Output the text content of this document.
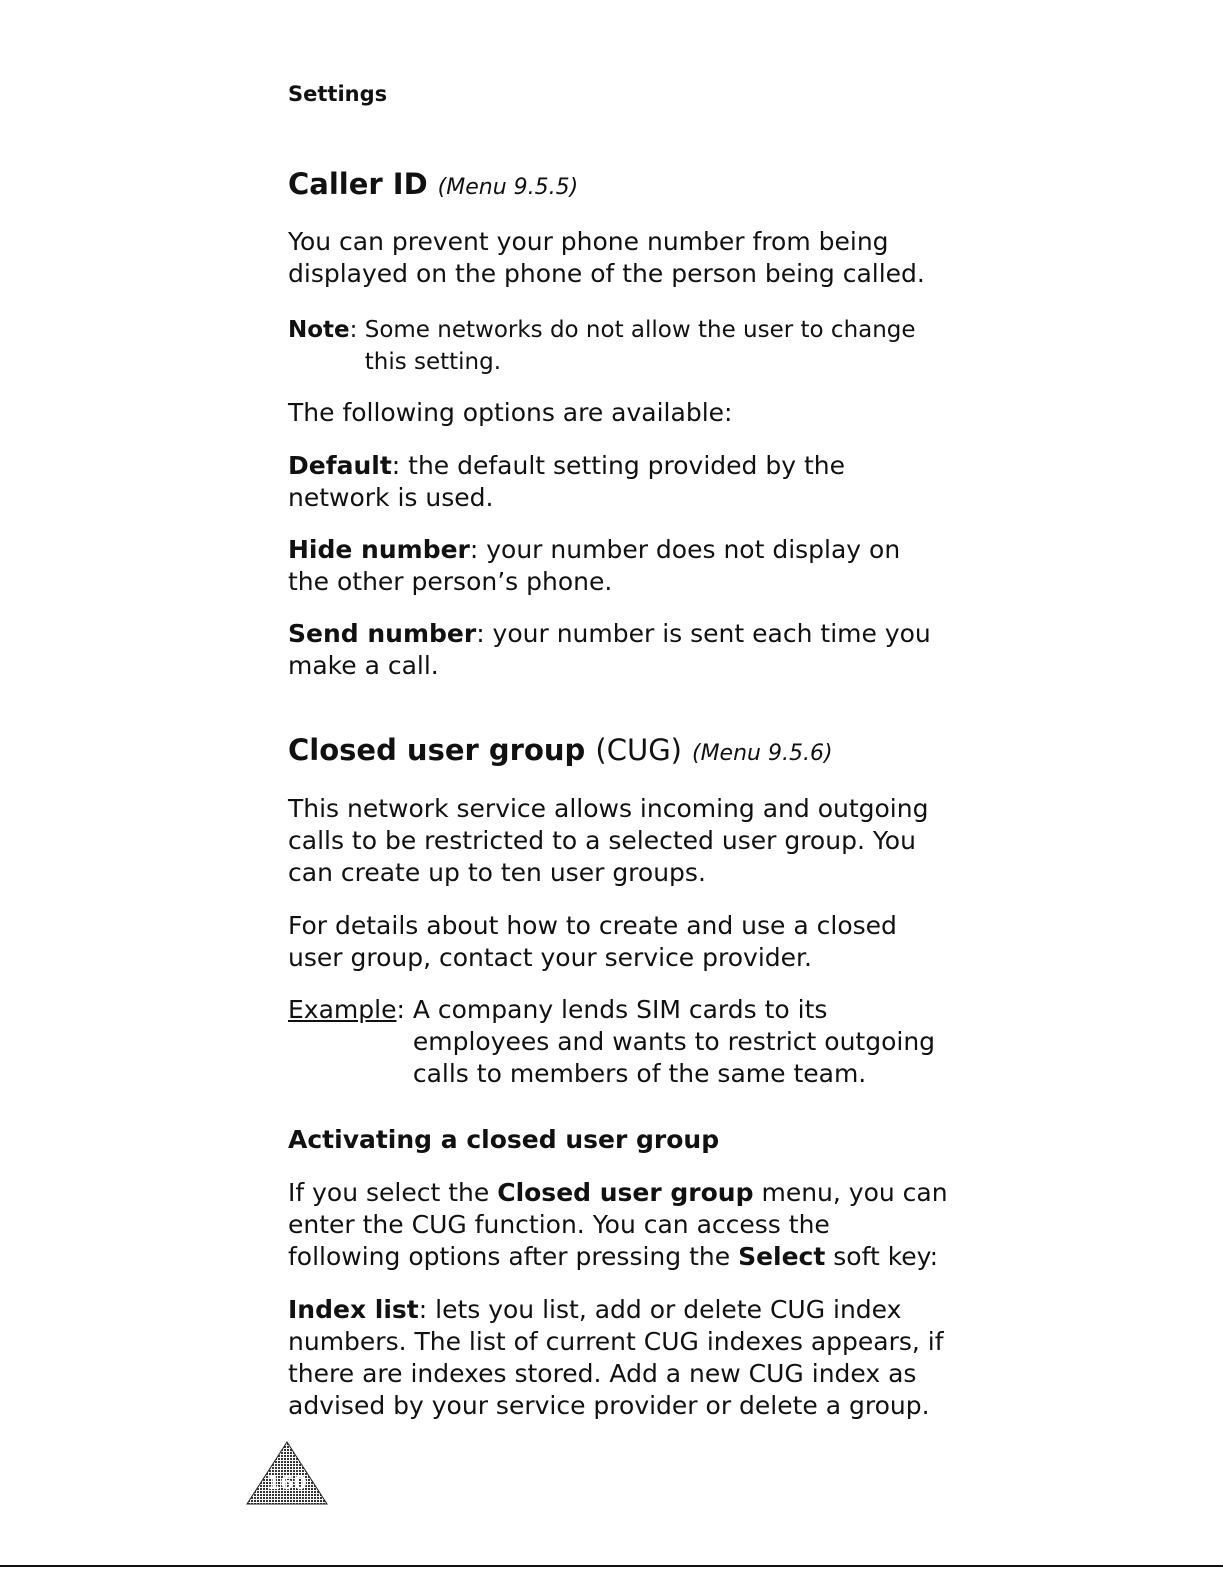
Settings
Caller ID (Menu 9.5.5)
You can prevent your phone number from being displayed on the phone of the person being called.
Note: Some networks do not allow the user to change this setting.
The following options are available:
Default: the default setting provided by the network is used.
Hide number: your number does not display on the other person’s phone.
Send number: your number is sent each time you make a call.
Closed user group (CUG) (Menu 9.5.6)
This network service allows incoming and outgoing calls to be restricted to a selected user group. You can create up to ten user groups.
For details about how to create and use a closed user group, contact your service provider.
Example: A company lends SIM cards to its employees and wants to restrict outgoing calls to members of the same team.
Activating a closed user group
If you select the Closed user group menu, you can enter the CUG function. You can access the following options after pressing the Select soft key:
Index list: lets you list, add or delete CUG index numbers. The list of current CUG indexes appears, if there are indexes stored. Add a new CUG index as advised by your service provider or delete a group.
160
